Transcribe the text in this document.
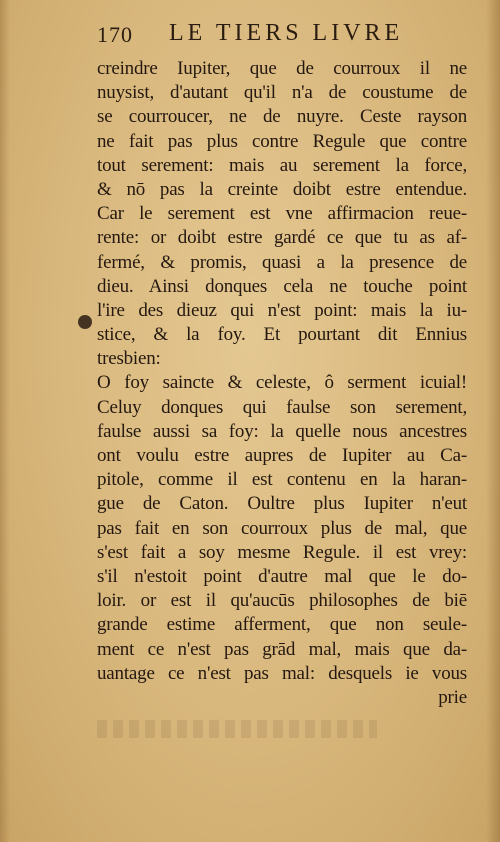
170 LE TIERS LIVRE
creindre Iupiter, que de courroux il ne
nuysist, d'autant qu'il n'a de coustume de
se courroucer, ne de nuyre. Ceste rayson
ne fait pas plus contre Regule que contre
tout serement: mais au serement la force,
& nō pas la creinte doibt estre entendue.
Car le serement est vne affirmacion reue-
rente: or doibt estre gardé ce que tu as af-
fermé, & promis, quasi a la presence de
dieu. Ainsi donques cela ne touche point
l'ire des dieuz qui n'est point: mais la iu-
stice, & la foy. Et pourtant dit Ennius
tresbien:
O foy saincte & celeste, ô serment icuial!
Celuy donques qui faulse son serement,
faulse aussi sa foy: la quelle nous ancestres
ont voulu estre aupres de Iupiter au Ca-
pitole, comme il est contenu en la haran-
gue de Caton. Oultre plus Iupiter n'eut
pas fait en son courroux plus de mal, que
s'est fait a soy mesme Regule. il est vrey:
s'il n'estoit point d'autre mal que le do-
loir. or est il qu'aucūs philosophes de biē
grande estime afferment, que non seule-
ment ce n'est pas grād mal, mais que da-
uantage ce n'est pas mal: desquels ie vous
prie
